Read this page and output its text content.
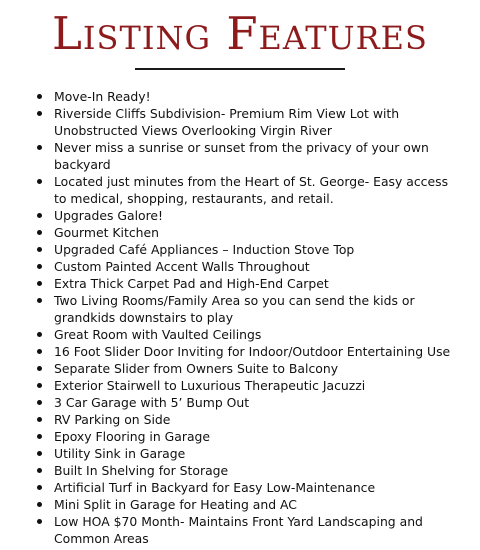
Listing Features
Move-In Ready!
Riverside Cliffs Subdivision- Premium Rim View Lot with Unobstructed Views Overlooking Virgin River
Never miss a sunrise or sunset from the privacy of your own backyard
Located just minutes from the Heart of St. George- Easy access to medical, shopping, restaurants, and retail.
Upgrades Galore!
Gourmet Kitchen
Upgraded Café Appliances – Induction Stove Top
Custom Painted Accent Walls Throughout
Extra Thick Carpet Pad and High-End Carpet
Two Living Rooms/Family Area so you can send the kids or grandkids downstairs to play
Great Room with Vaulted Ceilings
16 Foot Slider Door Inviting for Indoor/Outdoor Entertaining Use
Separate Slider from Owners Suite to Balcony
Exterior Stairwell to Luxurious Therapeutic Jacuzzi
3 Car Garage with 5’ Bump Out
RV Parking on Side
Epoxy Flooring in Garage
Utility Sink in Garage
Built In Shelving for Storage
Artificial Turf in Backyard for Easy Low-Maintenance
Mini Split in Garage for Heating and AC
Low HOA $70 Month- Maintains Front Yard Landscaping and Common Areas
